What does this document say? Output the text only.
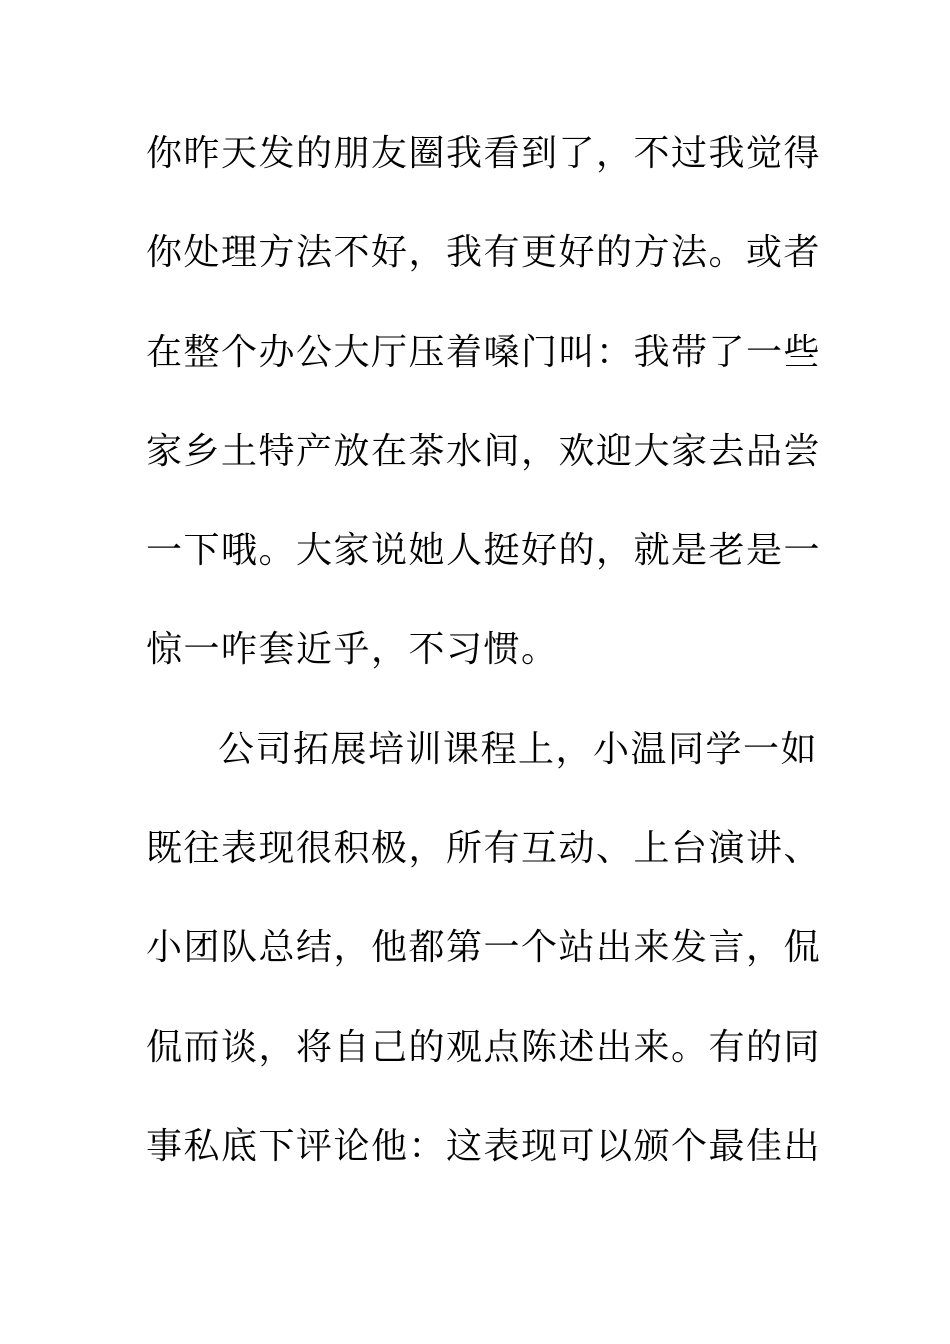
你昨天发的朋友圈我看到了，不过我觉得
你处理方法不好，我有更好的方法。或者
在整个办公大厅压着嗓门叫：我带了一些
家乡土特产放在茶水间，欢迎大家去品尝
一下哦。大家说她人挺好的，就是老是一
惊一咋套近乎，不习惯。
公司拓展培训课程上，小温同学一如
既往表现很积极，所有互动、上台演讲、
小团队总结，他都第一个站出来发言，侃
侃而谈，将自己的观点陈述出来。有的同
事私底下评论他：这表现可以颁个最佳出
